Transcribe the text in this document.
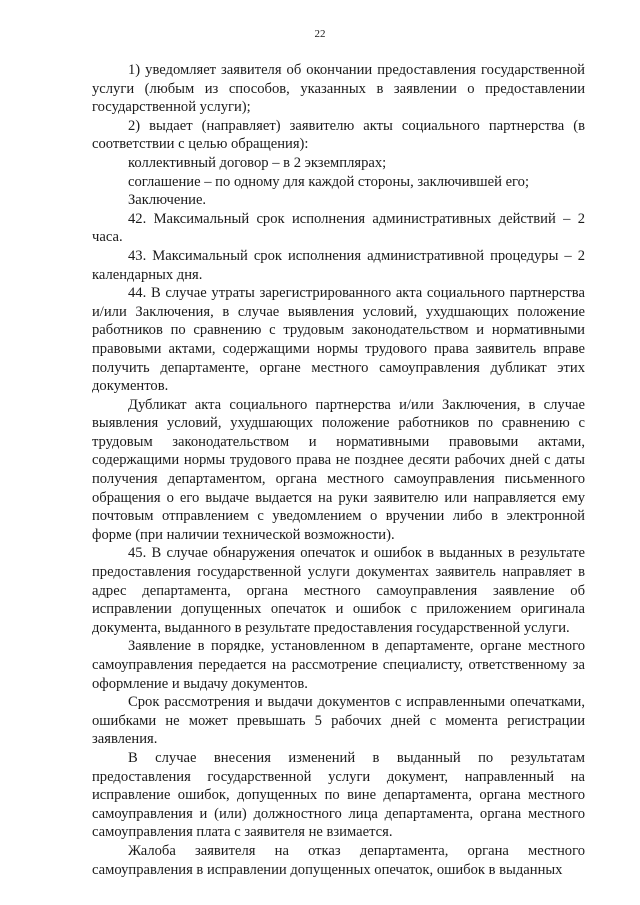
22

1) уведомляет заявителя об окончании предоставления государственной услуги (любым из способов, указанных в заявлении о предоставлении государственной услуги);

2) выдает (направляет) заявителю акты социального партнерства (в соответствии с целью обращения):

коллективный договор – в 2 экземплярах;

соглашение – по одному для каждой стороны, заключившей его;

Заключение.

42. Максимальный срок исполнения административных действий – 2 часа.

43. Максимальный срок исполнения административной процедуры – 2 календарных дня.

44. В случае утраты зарегистрированного акта социального партнерства и/или Заключения, в случае выявления условий, ухудшающих положение работников по сравнению с трудовым законодательством и нормативными правовыми актами, содержащими нормы трудового права заявитель вправе получить департаменте, органе местного самоуправления дубликат этих документов.

Дубликат акта социального партнерства и/или Заключения, в случае выявления условий, ухудшающих положение работников по сравнению с трудовым законодательством и нормативными правовыми актами, содержащими нормы трудового права не позднее десяти рабочих дней с даты получения департаментом, органа местного самоуправления письменного обращения о его выдаче выдается на руки заявителю или направляется ему почтовым отправлением с уведомлением о вручении либо в электронной форме (при наличии технической возможности).

45. В случае обнаружения опечаток и ошибок в выданных в результате предоставления государственной услуги документах заявитель направляет в адрес департамента, органа местного самоуправления заявление об исправлении допущенных опечаток и ошибок с приложением оригинала документа, выданного в результате предоставления государственной услуги.

Заявление в порядке, установленном в департаменте, органе местного самоуправления передается на рассмотрение специалисту, ответственному за оформление и выдачу документов.

Срок рассмотрения и выдачи документов с исправленными опечатками, ошибками не может превышать 5 рабочих дней с момента регистрации заявления.

В случае внесения изменений в выданный по результатам предоставления государственной услуги документ, направленный на исправление ошибок, допущенных по вине департамента, органа местного самоуправления и (или) должностного лица департамента, органа местного самоуправления плата с заявителя не взимается.

Жалоба заявителя на отказ департамента, органа местного самоуправления в исправлении допущенных опечаток, ошибок в выданных
